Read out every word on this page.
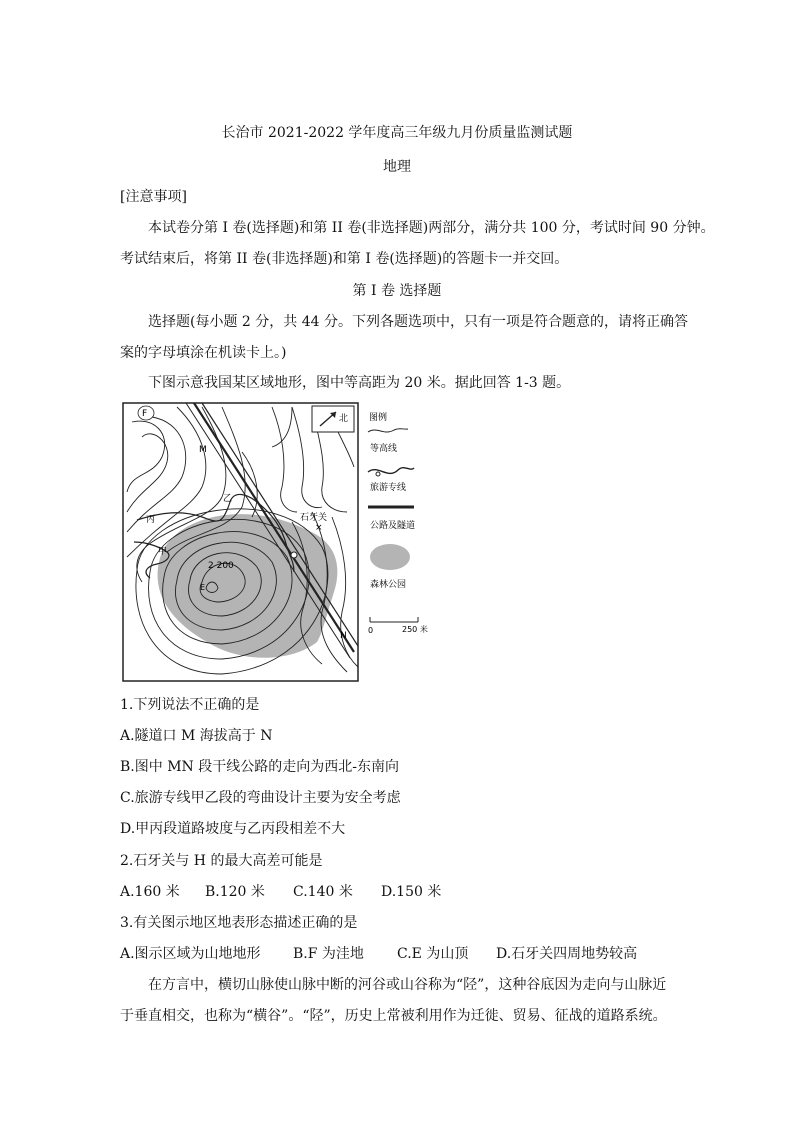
长治市 2021-2022 学年度高三年级九月份质量监测试题
地理
[注意事项]
本试卷分第 I 卷(选择题)和第 II 卷(非选择题)两部分，满分共 100 分，考试时间 90 分钟。
考试结束后，将第 II 卷(非选择题)和第 I 卷(选择题)的答题卡一并交回。
第 I 卷 选择题
选择题(每小题 2 分，共 44 分。下列各题选项中，只有一项是符合题意的，请将正确答
案的字母填涂在机读卡上。)
下图示意我国某区域地形，图中等高距为 20 米。据此回答 1-3 题。
北
F
M
N
丙
甲
乙
石牙关
×
2 200
E
图例
等高线
旅游专线
公路及隧道
森林公园
0	250 米
1.下列说法不正确的是
A.隧道口 M 海拔高于 N
B.图中 MN 段干线公路的走向为西北-东南向
C.旅游专线甲乙段的弯曲设计主要为安全考虑
D.甲丙段道路坡度与乙丙段相差不大
2.石牙关与 H 的最大高差可能是
A.160 米 B.120 米 C.140 米 D.150 米
3.有关图示地区地表形态描述正确的是
A.图示区域为山地地形 B.F 为洼地 C.E 为山顶 D.石牙关四周地势较高
在方言中，横切山脉使山脉中断的河谷或山谷称为“陉”，这种谷底因为走向与山脉近
于垂直相交，也称为“横谷”。“陉”，历史上常被利用作为迁徙、贸易、征战的道路系统。
